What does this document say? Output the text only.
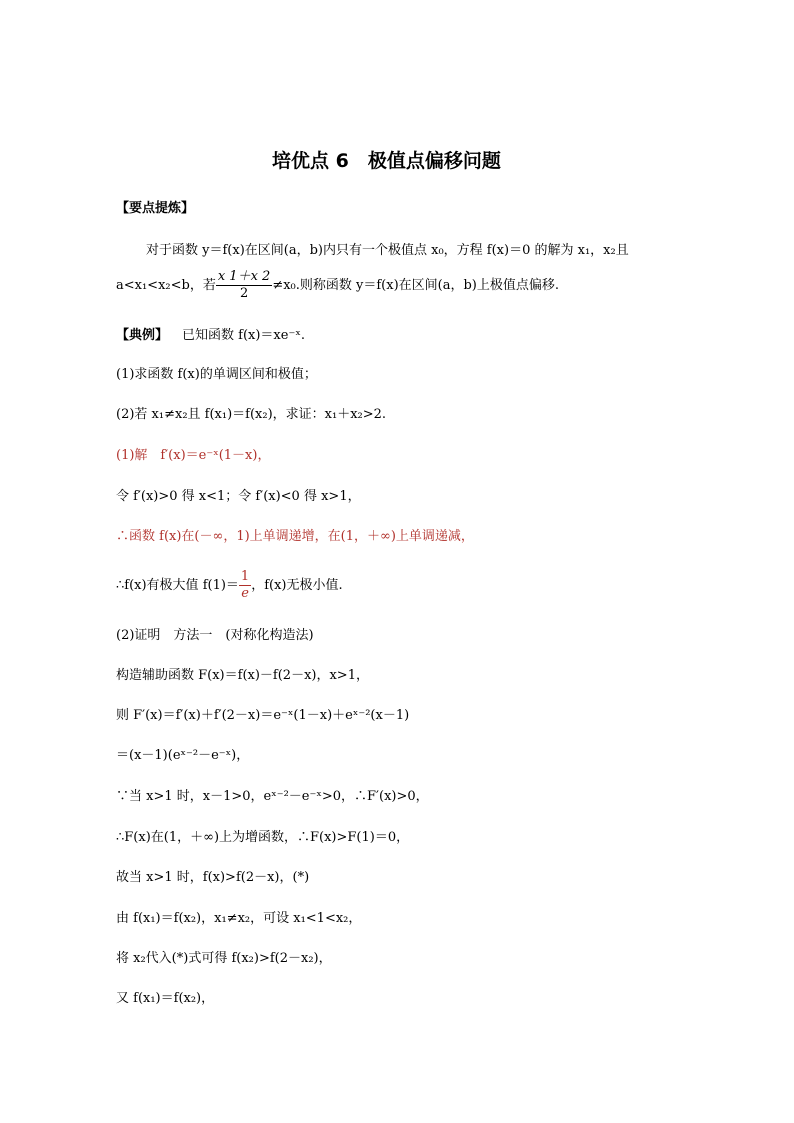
培优点 6　极值点偏移问题
【要点提炼】
对于函数 y＝f(x)在区间(a，b)内只有一个极值点 x₀，方程 f(x)＝0 的解为 x₁，x₂且
a<x₁<x₂<b，若 $\frac{x 1+x 2}{2} \ne x_0$.则称函数 y＝f(x)在区间(a，b)上极值点偏移.
【典例】 已知函数 f(x)＝xe⁻ˣ.
(1)求函数 f(x)的单调区间和极值；
(2)若 x₁≠x₂且 f(x₁)＝f(x₂)，求证：x₁＋x₂>2.
(1)解　f′(x)＝e⁻ˣ(1－x)，
令 f′(x)>0 得 x<1；令 f′(x)<0 得 x>1，
∴函数 f(x)在(－∞，1)上单调递增，在(1，＋∞)上单调递减，
∴f(x)有极大值 $f(1)= \frac{1}{e}$ ，f(x)无极小值.
(2)证明　方法一　(对称化构造法)
构造辅助函数 F(x)＝f(x)－f(2－x)，x>1，
则 F′(x)＝f′(x)＋f′(2－x)＝e⁻ˣ(1－x)＋eˣ⁻²(x－1)
＝(x－1)(eˣ⁻²－e⁻ˣ)，
∵当 x>1 时，x－1>0，eˣ⁻²－e⁻ˣ>0，∴F′(x)>0，
∴F(x)在(1，＋∞)上为增函数，∴F(x)>F(1)＝0，
故当 x>1 时，f(x)>f(2－x)，(*)
由 f(x₁)＝f(x₂)，x₁≠x₂，可设 x₁<1<x₂，
将 x₂代入(*)式可得 f(x₂)>f(2－x₂)，
又 f(x₁)＝f(x₂)，
